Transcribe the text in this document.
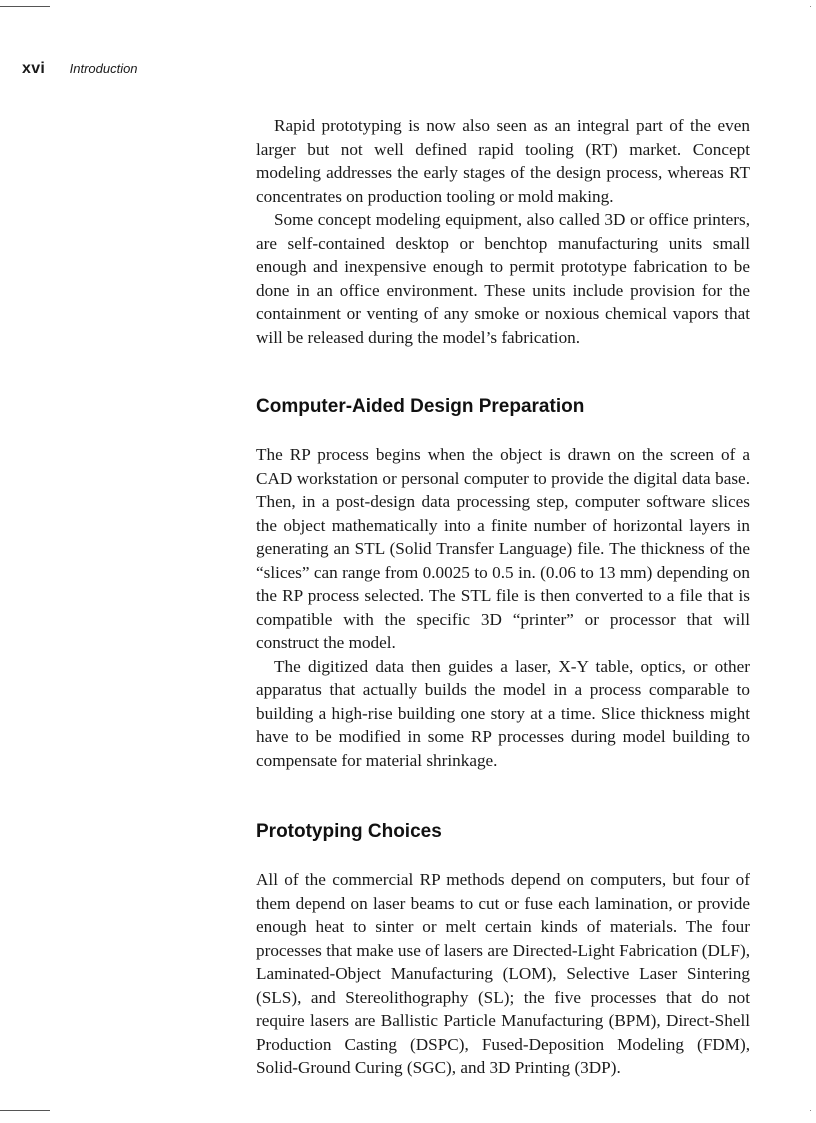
xvi Introduction

Rapid prototyping is now also seen as an integral part of the even larger but not well defined rapid tooling (RT) market. Concept modeling addresses the early stages of the design process, whereas RT concentrates on production tooling or mold making.

Some concept modeling equipment, also called 3D or office printers, are self-contained desktop or benchtop manufacturing units small enough and inexpensive enough to permit prototype fabrication to be done in an office environment. These units include provision for the containment or venting of any smoke or noxious chemical vapors that will be released during the model’s fabrication.

Computer-Aided Design Preparation

The RP process begins when the object is drawn on the screen of a CAD workstation or personal computer to provide the digital data base. Then, in a post-design data processing step, computer software slices the object mathematically into a finite number of horizontal layers in generating an STL (Solid Transfer Language) file. The thickness of the “slices” can range from 0.0025 to 0.5 in. (0.06 to 13 mm) depending on the RP process selected. The STL file is then converted to a file that is compatible with the specific 3D “printer” or processor that will construct the model.

The digitized data then guides a laser, X-Y table, optics, or other apparatus that actually builds the model in a process comparable to building a high-rise building one story at a time. Slice thickness might have to be modified in some RP processes during model building to compensate for material shrinkage.

Prototyping Choices

All of the commercial RP methods depend on computers, but four of them depend on laser beams to cut or fuse each lamination, or provide enough heat to sinter or melt certain kinds of materials. The four processes that make use of lasers are Directed-Light Fabrication (DLF), Laminated-Object Manufacturing (LOM), Selective Laser Sintering (SLS), and Stereolithography (SL); the five processes that do not require lasers are Ballistic Particle Manufacturing (BPM), Direct-Shell Production Casting (DSPC), Fused-Deposition Modeling (FDM), Solid-Ground Curing (SGC), and 3D Printing (3DP).
